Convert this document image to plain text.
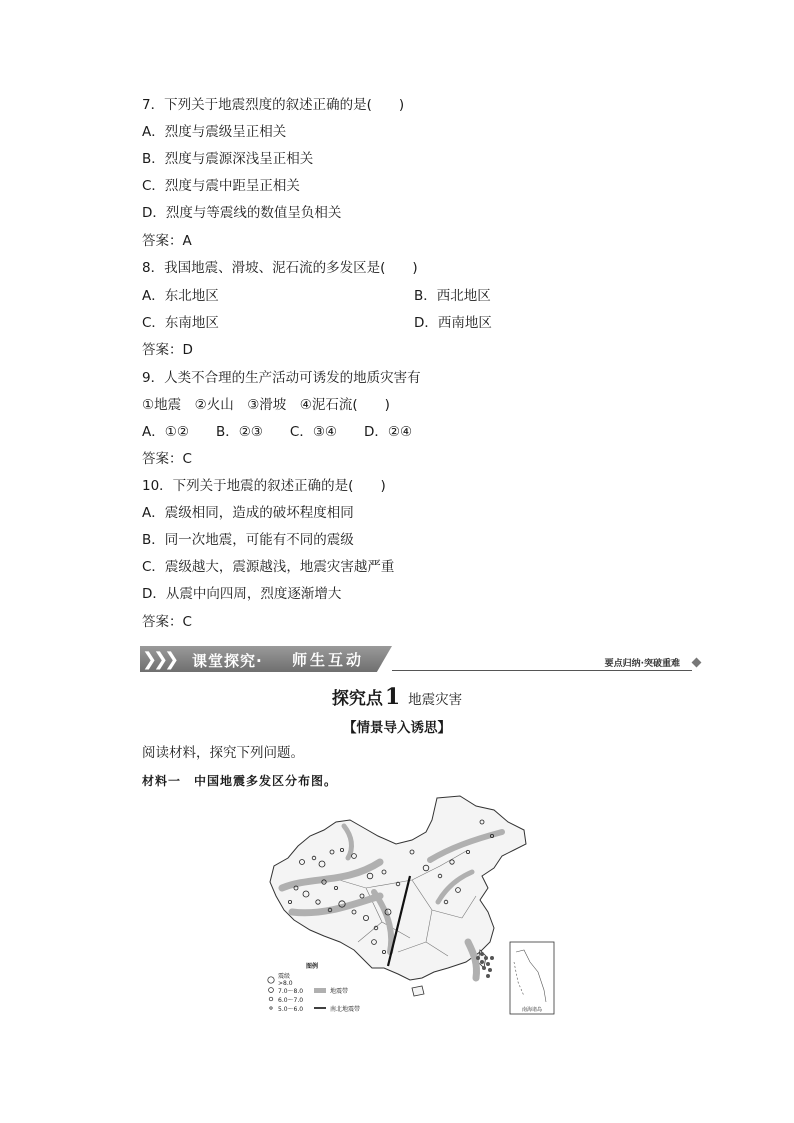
7．下列关于地震烈度的叙述正确的是(　　)
A．烈度与震级呈正相关
B．烈度与震源深浅呈正相关
C．烈度与震中距呈正相关
D．烈度与等震线的数值呈负相关
答案：A
8．我国地震、滑坡、泥石流的多发区是(　　)
A．东北地区	B．西北地区
C．东南地区	D．西南地区
答案：D
9．人类不合理的生产活动可诱发的地质灾害有
①地震　②火山　③滑坡　④泥石流(　　)
A．①②　　B．②③　　C．③④　　D．②④
答案：C
10．下列关于地震的叙述正确的是(　　)
A．震级相同，造成的破坏程度相同
B．同一次地震，可能有不同的震级
C．震级越大，震源越浅，地震灾害越严重
D．从震中向四周，烈度逐渐增大
答案：C
❯❯❯ 课堂探究· 师生互动	要点归纳·突破重难
探究点1 地震灾害
【情景导入诱思】
阅读材料，探究下列问题。
材料一　中国地震多发区分布图。
南海诸岛
图例
震级
>8.0
7.0～8.0
6.0～7.0
5.0～6.0
地震带
南北地震带
